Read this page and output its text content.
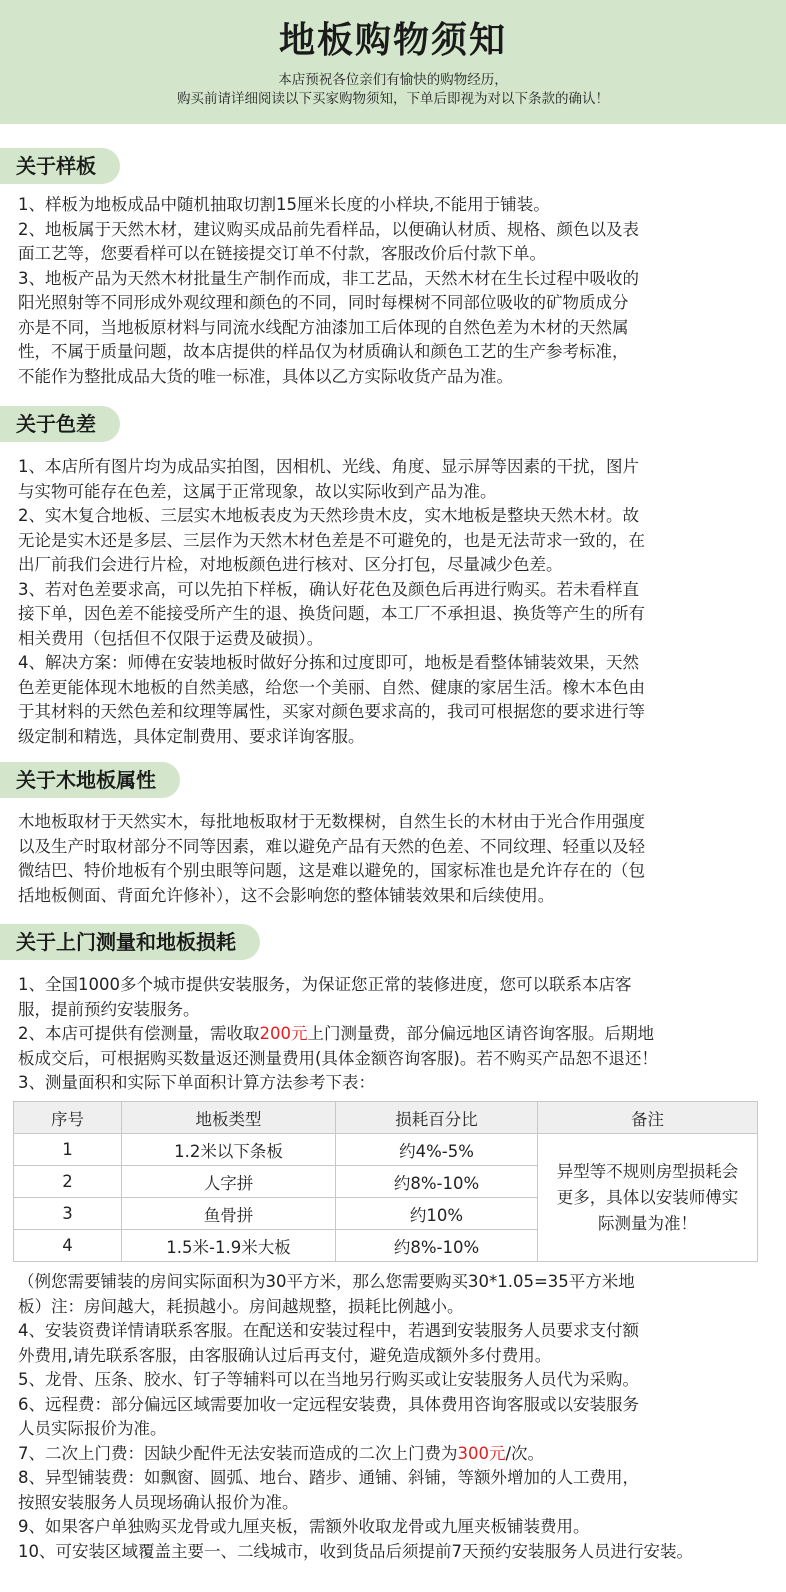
地板购物须知
本店预祝各位亲们有愉快的购物经历，
购买前请详细阅读以下买家购物须知，下单后即视为对以下条款的确认！
关于样板
1、样板为地板成品中随机抽取切割15厘米长度的小样块,不能用于铺装。
2、地板属于天然木材，建议购买成品前先看样品，以便确认材质、规格、颜色以及表
面工艺等，您要看样可以在链接提交订单不付款，客服改价后付款下单。
3、地板产品为天然木材批量生产制作而成，非工艺品，天然木材在生长过程中吸收的
阳光照射等不同形成外观纹理和颜色的不同，同时每棵树不同部位吸收的矿物质成分
亦是不同，当地板原材料与同流水线配方油漆加工后体现的自然色差为木材的天然属
性，不属于质量问题，故本店提供的样品仅为材质确认和颜色工艺的生产参考标准，
不能作为整批成品大货的唯一标准，具体以乙方实际收货产品为准。
关于色差
1、本店所有图片均为成品实拍图，因相机、光线、角度、显示屏等因素的干扰，图片
与实物可能存在色差，这属于正常现象，故以实际收到产品为准。
2、实木复合地板、三层实木地板表皮为天然珍贵木皮，实木地板是整块天然木材。故
无论是实木还是多层、三层作为天然木材色差是不可避免的，也是无法苛求一致的，在
出厂前我们会进行片检，对地板颜色进行核对、区分打包，尽量减少色差。
3、若对色差要求高，可以先拍下样板，确认好花色及颜色后再进行购买。若未看样直
接下单，因色差不能接受所产生的退、换货问题，本工厂不承担退、换货等产生的所有
相关费用（包括但不仅限于运费及破损）。
4、解决方案：师傅在安装地板时做好分拣和过度即可，地板是看整体铺装效果，天然
色差更能体现木地板的自然美感，给您一个美丽、自然、健康的家居生活。橡木本色由
于其材料的天然色差和纹理等属性，买家对颜色要求高的，我司可根据您的要求进行等
级定制和精选，具体定制费用、要求详询客服。
关于木地板属性
木地板取材于天然实木，每批地板取材于无数棵树，自然生长的木材由于光合作用强度
以及生产时取材部分不同等因素，难以避免产品有天然的色差、不同纹理、轻重以及轻
微结巴、特价地板有个别虫眼等问题，这是难以避免的，国家标准也是允许存在的（包
括地板侧面、背面允许修补），这不会影响您的整体铺装效果和后续使用。
关于上门测量和地板损耗
1、全国1000多个城市提供安装服务，为保证您正常的装修进度，您可以联系本店客
服，提前预约安装服务。
2、本店可提供有偿测量，需收取200元上门测量费，部分偏远地区请咨询客服。后期地
板成交后，可根据购买数量返还测量费用(具体金额咨询客服)。若不购买产品恕不退还！
3、测量面积和实际下单面积计算方法参考下表：
序号	地板类型	损耗百分比	备注
1	1.2米以下条板	约4%-5%	异型等不规则房型损耗会更多，具体以安装师傅实际测量为准！
2	人字拼	约8%-10%	
3	鱼骨拼	约10%	
4	1.5米-1.9米大板	约8%-10%	
（例您需要铺装的房间实际面积为30平方米，那么您需要购买30*1.05=35平方米地
板）注：房间越大，耗损越小。房间越规整，损耗比例越小。
4、安装资费详情请联系客服。在配送和安装过程中，若遇到安装服务人员要求支付额
外费用,请先联系客服，由客服确认过后再支付，避免造成额外多付费用。
5、龙骨、压条、胶水、钉子等辅料可以在当地另行购买或让安装服务人员代为采购。
6、远程费：部分偏远区域需要加收一定远程安装费，具体费用咨询客服或以安装服务
人员实际报价为准。
7、二次上门费：因缺少配件无法安装而造成的二次上门费为300元/次。
8、异型铺装费：如飘窗、圆弧、地台、踏步、通铺、斜铺，等额外增加的人工费用，
按照安装服务人员现场确认报价为准。
9、如果客户单独购买龙骨或九厘夹板，需额外收取龙骨或九厘夹板铺装费用。
10、可安装区域覆盖主要一、二线城市，收到货品后须提前7天预约安装服务人员进行安装。
